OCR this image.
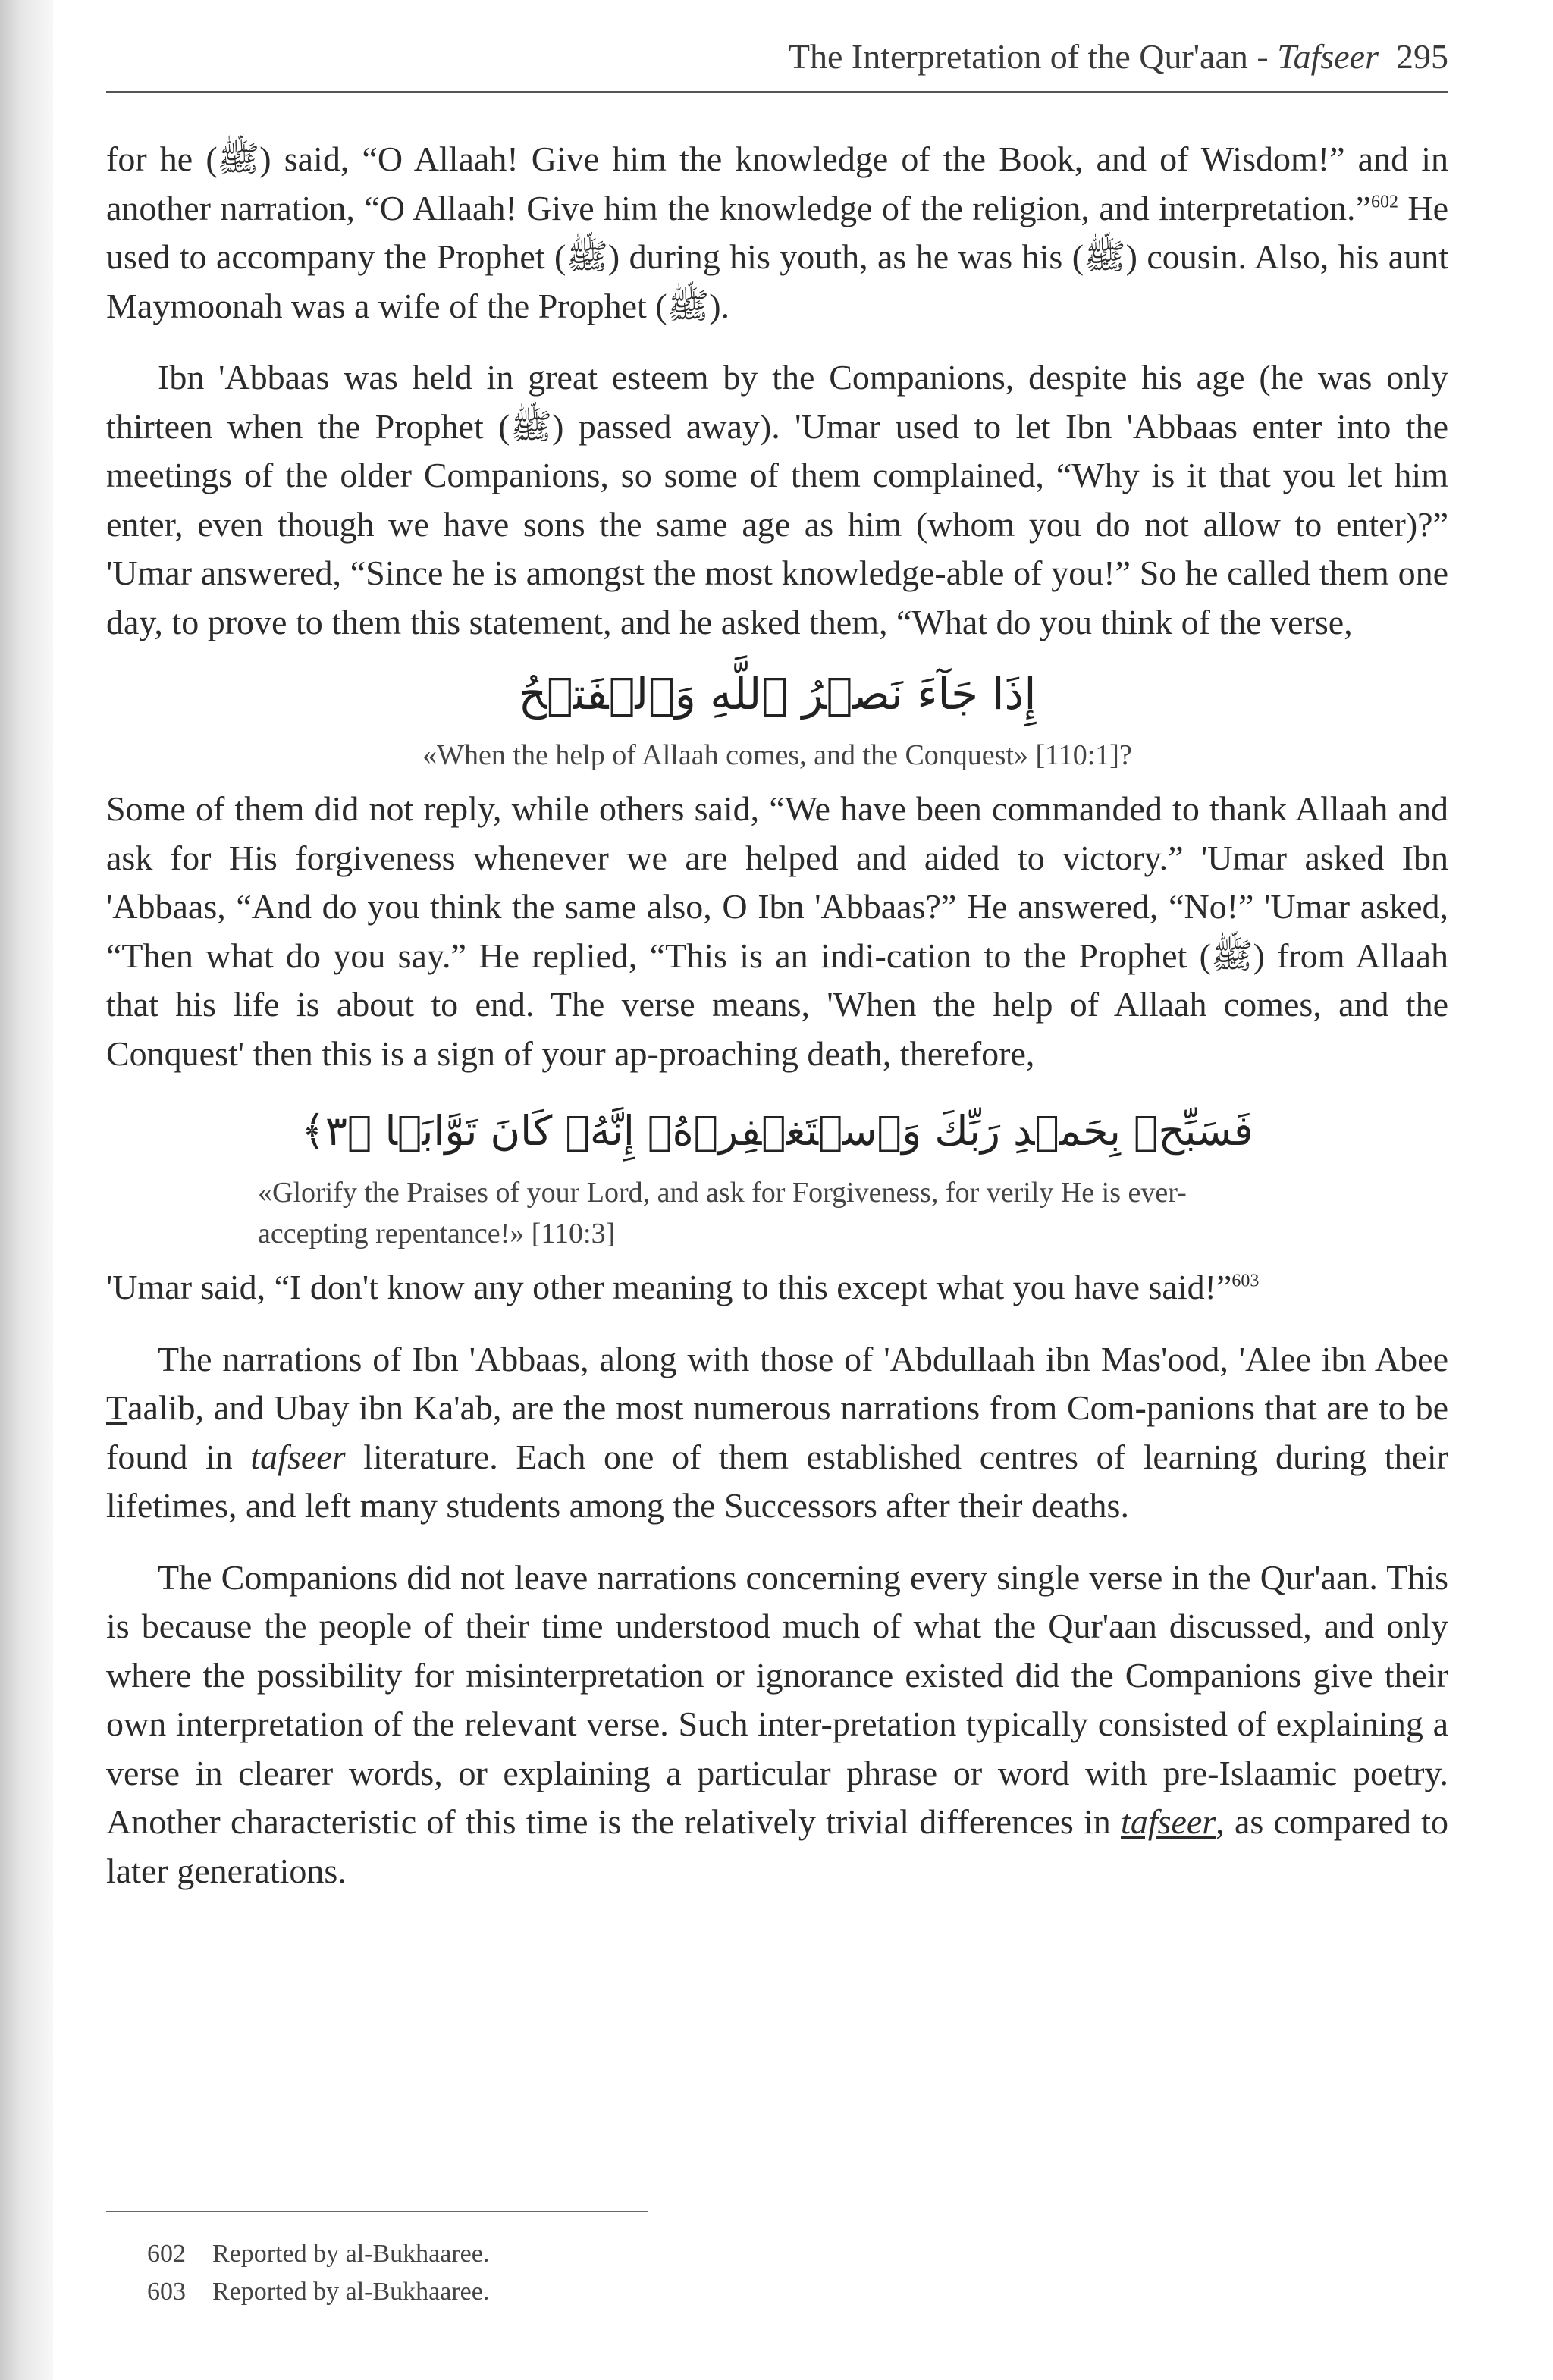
The Interpretation of the Qur'aan - Tafseer 295

for he (ﷺ) said, “O Allaah! Give him the knowledge of the Book, and of Wisdom!” and in another narration, “O Allaah! Give him the knowledge of the religion, and interpretation.”$^{602}$ He used to accompany the Prophet (ﷺ) during his youth, as he was his (ﷺ) cousin. Also, his aunt Maymoonah was a wife of the Prophet (ﷺ).

Ibn 'Abbaas was held in great esteem by the Companions, despite his age (he was only thirteen when the Prophet (ﷺ) passed away). 'Umar used to let Ibn 'Abbaas enter into the meetings of the older Companions, so some of them complained, “Why is it that you let him enter, even though we have sons the same age as him (whom you do not allow to enter)?” 'Umar answered, “Since he is amongst the most knowledge-able of you!” So he called them one day, to prove to them this statement, and he asked them, “What do you think of the verse,

إِذَا جَآءَ نَصۡرُ ٱللَّهِ وَٱلۡفَتۡحُ
«When the help of Allaah comes, and the Conquest» [110:1]?

Some of them did not reply, while others said, “We have been commanded to thank Allaah and ask for His forgiveness whenever we are helped and aided to victory.” 'Umar asked Ibn 'Abbaas, “And do you think the same also, O Ibn 'Abbaas?” He answered, “No!” 'Umar asked, “Then what do you say.” He replied, “This is an indi-cation to the Prophet (ﷺ) from Allaah that his life is about to end. The verse means, 'When the help of Allaah comes, and the Conquest' then this is a sign of your ap-proaching death, therefore,

فَسَبِّحۡ بِحَمۡدِ رَبِّكَ وَٱسۡتَغۡفِرۡهُۚ إِنَّهُۥ كَانَ تَوَّابَۢا ﴿٣﴾
«Glorify the Praises of your Lord, and ask for Forgiveness, for verily He is ever-accepting repentance!» [110:3]

'Umar said, “I don't know any other meaning to this except what you have said!”$^{603}$

The narrations of Ibn 'Abbaas, along with those of 'Abdullaah ibn Mas'ood, 'Alee ibn Abee Taalib, and Ubay ibn Ka'ab, are the most numerous narrations from Com-panions that are to be found in tafseer literature. Each one of them established centres of learning during their lifetimes, and left many students among the Successors after their deaths.

The Companions did not leave narrations concerning every single verse in the Qur'aan. This is because the people of their time understood much of what the Qur'aan discussed, and only where the possibility for misinterpretation or ignorance existed did the Companions give their own interpretation of the relevant verse. Such inter-pretation typically consisted of explaining a verse in clearer words, or explaining a particular phrase or word with pre-Islaamic poetry. Another characteristic of this time is the relatively trivial differences in tafseer, as compared to later generations.

602 Reported by al-Bukhaaree.
603 Reported by al-Bukhaaree.
